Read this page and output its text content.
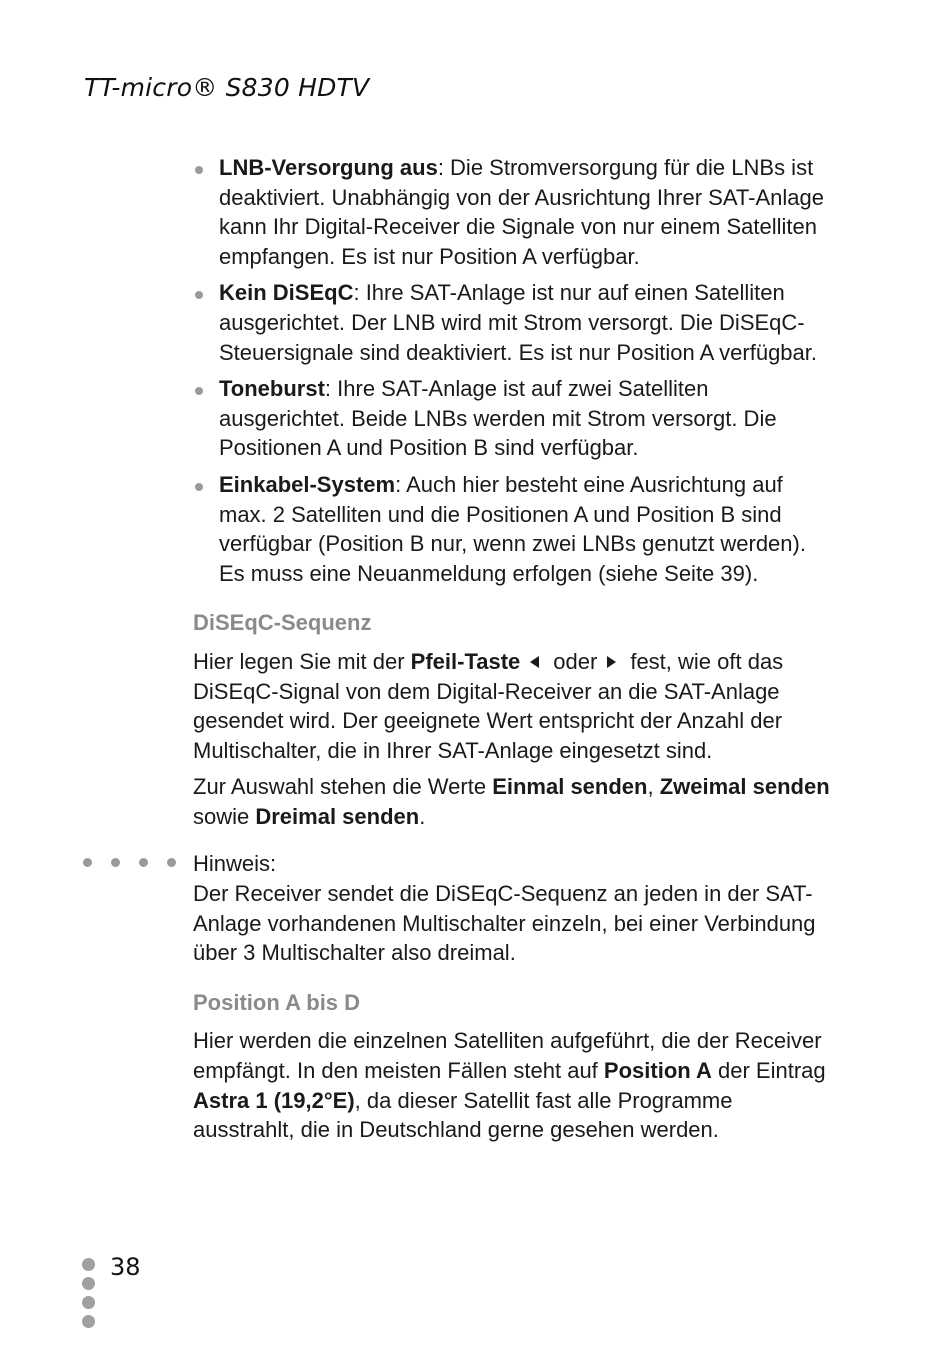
TT-micro® S830 HDTV
LNB-Versorgung aus: Die Stromversorgung für die LNBs ist deaktiviert. Unabhängig von der Ausrichtung Ihrer SAT-Anlage kann Ihr Digital-Receiver die Signale von nur einem Satelliten empfangen. Es ist nur Position A verfügbar.
Kein DiSEqC: Ihre SAT-Anlage ist nur auf einen Satelliten ausgerichtet. Der LNB wird mit Strom versorgt. Die DiSEqC-Steuersignale sind deaktiviert. Es ist nur Position A verfügbar.
Toneburst: Ihre SAT-Anlage ist auf zwei Satelliten ausgerichtet. Beide LNBs werden mit Strom versorgt. Die Positionen A und Position B sind verfügbar.
Einkabel-System: Auch hier besteht eine Ausrichtung auf max. 2 Satelliten und die Positionen A und Position B sind verfügbar (Position B nur, wenn zwei LNBs genutzt werden). Es muss eine Neuanmeldung erfolgen (siehe Seite 39).
DiSEqC-Sequenz

Hier legen Sie mit der Pfeil-Taste oder fest, wie oft das DiSEqC-Signal von dem Digital-Receiver an die SAT-Anlage gesendet wird. Der geeignete Wert entspricht der Anzahl der Multischalter, die in Ihrer SAT-Anlage eingesetzt sind.

Zur Auswahl stehen die Werte Einmal senden, Zweimal senden sowie Dreimal senden.

Hinweis:
Der Receiver sendet die DiSEqC-Sequenz an jeden in der SAT-Anlage vorhandenen Multischalter einzeln, bei einer Verbindung über 3 Multischalter also dreimal.
Position A bis D

Hier werden die einzelnen Satelliten aufgeführt, die der Receiver empfängt. In den meisten Fällen steht auf Position A der Eintrag Astra 1 (19,2°E), da dieser Satellit fast alle Programme ausstrahlt, die in Deutschland gerne gesehen werden.

38
